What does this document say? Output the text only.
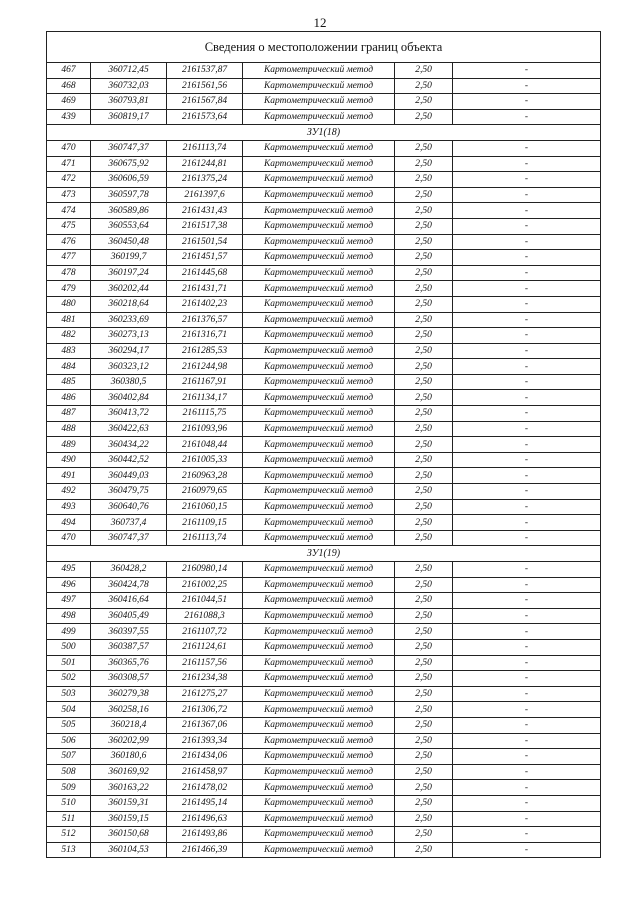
12
Сведения о местоположении границ объекта					
467	360712,45	2161537,87	Картометрический метод	2,50	-
468	360732,03	2161561,56	Картометрический метод	2,50	-
469	360793,81	2161567,84	Картометрический метод	2,50	-
439	360819,17	2161573,64	Картометрический метод	2,50	-
ЗУ1(18)					
470	360747,37	2161113,74	Картометрический метод	2,50	-
471	360675,92	2161244,81	Картометрический метод	2,50	-
472	360606,59	2161375,24	Картометрический метод	2,50	-
473	360597,78	2161397,6	Картометрический метод	2,50	-
474	360589,86	2161431,43	Картометрический метод	2,50	-
475	360553,64	2161517,38	Картометрический метод	2,50	-
476	360450,48	2161501,54	Картометрический метод	2,50	-
477	360199,7	2161451,57	Картометрический метод	2,50	-
478	360197,24	2161445,68	Картометрический метод	2,50	-
479	360202,44	2161431,71	Картометрический метод	2,50	-
480	360218,64	2161402,23	Картометрический метод	2,50	-
481	360233,69	2161376,57	Картометрический метод	2,50	-
482	360273,13	2161316,71	Картометрический метод	2,50	-
483	360294,17	2161285,53	Картометрический метод	2,50	-
484	360323,12	2161244,98	Картометрический метод	2,50	-
485	360380,5	2161167,91	Картометрический метод	2,50	-
486	360402,84	2161134,17	Картометрический метод	2,50	-
487	360413,72	2161115,75	Картометрический метод	2,50	-
488	360422,63	2161093,96	Картометрический метод	2,50	-
489	360434,22	2161048,44	Картометрический метод	2,50	-
490	360442,52	2161005,33	Картометрический метод	2,50	-
491	360449,03	2160963,28	Картометрический метод	2,50	-
492	360479,75	2160979,65	Картометрический метод	2,50	-
493	360640,76	2161060,15	Картометрический метод	2,50	-
494	360737,4	2161109,15	Картометрический метод	2,50	-
470	360747,37	2161113,74	Картометрический метод	2,50	-
ЗУ1(19)					
495	360428,2	2160980,14	Картометрический метод	2,50	-
496	360424,78	2161002,25	Картометрический метод	2,50	-
497	360416,64	2161044,51	Картометрический метод	2,50	-
498	360405,49	2161088,3	Картометрический метод	2,50	-
499	360397,55	2161107,72	Картометрический метод	2,50	-
500	360387,57	2161124,61	Картометрический метод	2,50	-
501	360365,76	2161157,56	Картометрический метод	2,50	-
502	360308,57	2161234,38	Картометрический метод	2,50	-
503	360279,38	2161275,27	Картометрический метод	2,50	-
504	360258,16	2161306,72	Картометрический метод	2,50	-
505	360218,4	2161367,06	Картометрический метод	2,50	-
506	360202,99	2161393,34	Картометрический метод	2,50	-
507	360180,6	2161434,06	Картометрический метод	2,50	-
508	360169,92	2161458,97	Картометрический метод	2,50	-
509	360163,22	2161478,02	Картометрический метод	2,50	-
510	360159,31	2161495,14	Картометрический метод	2,50	-
511	360159,15	2161496,63	Картометрический метод	2,50	-
512	360150,68	2161493,86	Картометрический метод	2,50	-
513	360104,53	2161466,39	Картометрический метод	2,50	-
